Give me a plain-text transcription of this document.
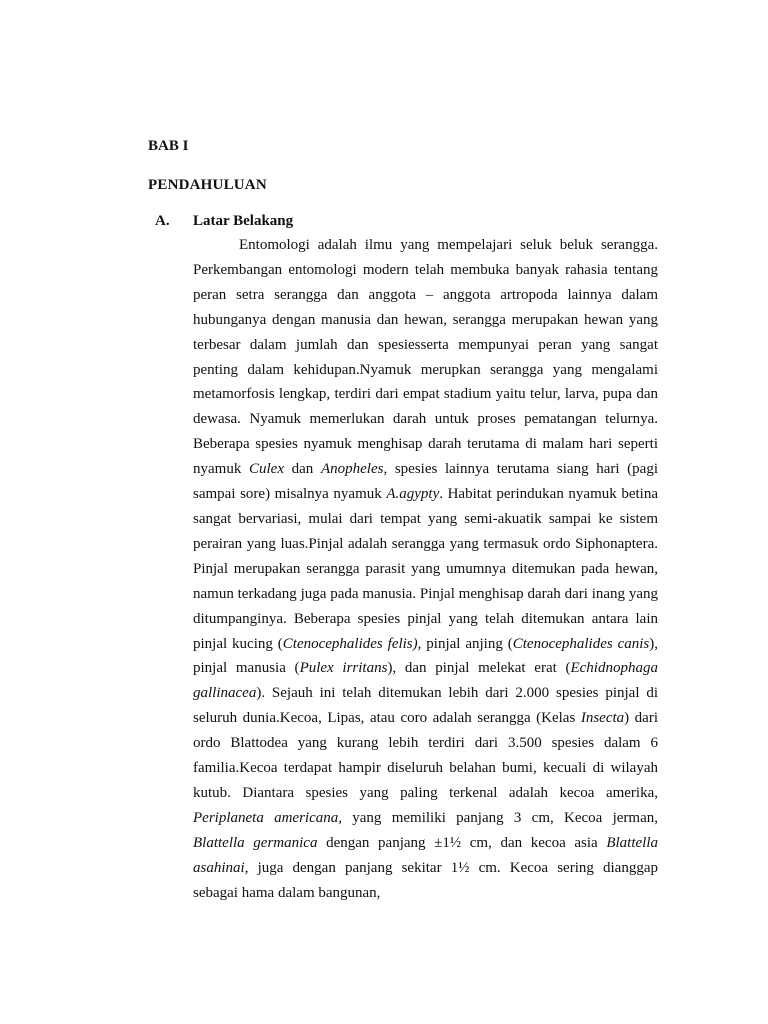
BAB I
PENDAHULUAN
A. Latar Belakang

Entomologi adalah ilmu yang mempelajari seluk beluk serangga. Perkembangan entomologi modern telah membuka banyak rahasia tentang peran setra serangga dan anggota – anggota artropoda lainnya dalam hubunganya dengan manusia dan hewan, serangga merupakan hewan yang terbesar dalam jumlah dan spesiesserta mempunyai peran yang sangat penting dalam kehidupan.Nyamuk merupkan serangga yang mengalami metamorfosis lengkap, terdiri dari empat stadium yaitu telur, larva, pupa dan dewasa. Nyamuk memerlukan darah untuk proses pematangan telurnya. Beberapa spesies nyamuk menghisap darah terutama di malam hari seperti nyamuk Culex dan Anopheles, spesies lainnya terutama siang hari (pagi sampai sore) misalnya nyamuk A.agypty. Habitat perindukan nyamuk betina sangat bervariasi, mulai dari tempat yang semi-akuatik sampai ke sistem perairan yang luas.Pinjal adalah serangga yang termasuk ordo Siphonaptera. Pinjal merupakan serangga parasit yang umumnya ditemukan pada hewan, namun terkadang juga pada manusia. Pinjal menghisap darah dari inang yang ditumpanginya. Beberapa spesies pinjal yang telah ditemukan antara lain pinjal kucing (Ctenocephalides felis), pinjal anjing (Ctenocephalides canis), pinjal manusia (Pulex irritans), dan pinjal melekat erat (Echidnophaga gallinacea). Sejauh ini telah ditemukan lebih dari 2.000 spesies pinjal di seluruh dunia.Kecoa, Lipas, atau coro adalah serangga (Kelas Insecta) dari ordo Blattodea yang kurang lebih terdiri dari 3.500 spesies dalam 6 familia.Kecoa terdapat hampir diseluruh belahan bumi, kecuali di wilayah kutub. Diantara spesies yang paling terkenal adalah kecoa amerika, Periplaneta americana, yang memiliki panjang 3 cm, Kecoa jerman, Blattella germanica dengan panjang ±1½ cm, dan kecoa asia Blattella asahinai, juga dengan panjang sekitar 1½ cm. Kecoa sering dianggap sebagai hama dalam bangunan,
